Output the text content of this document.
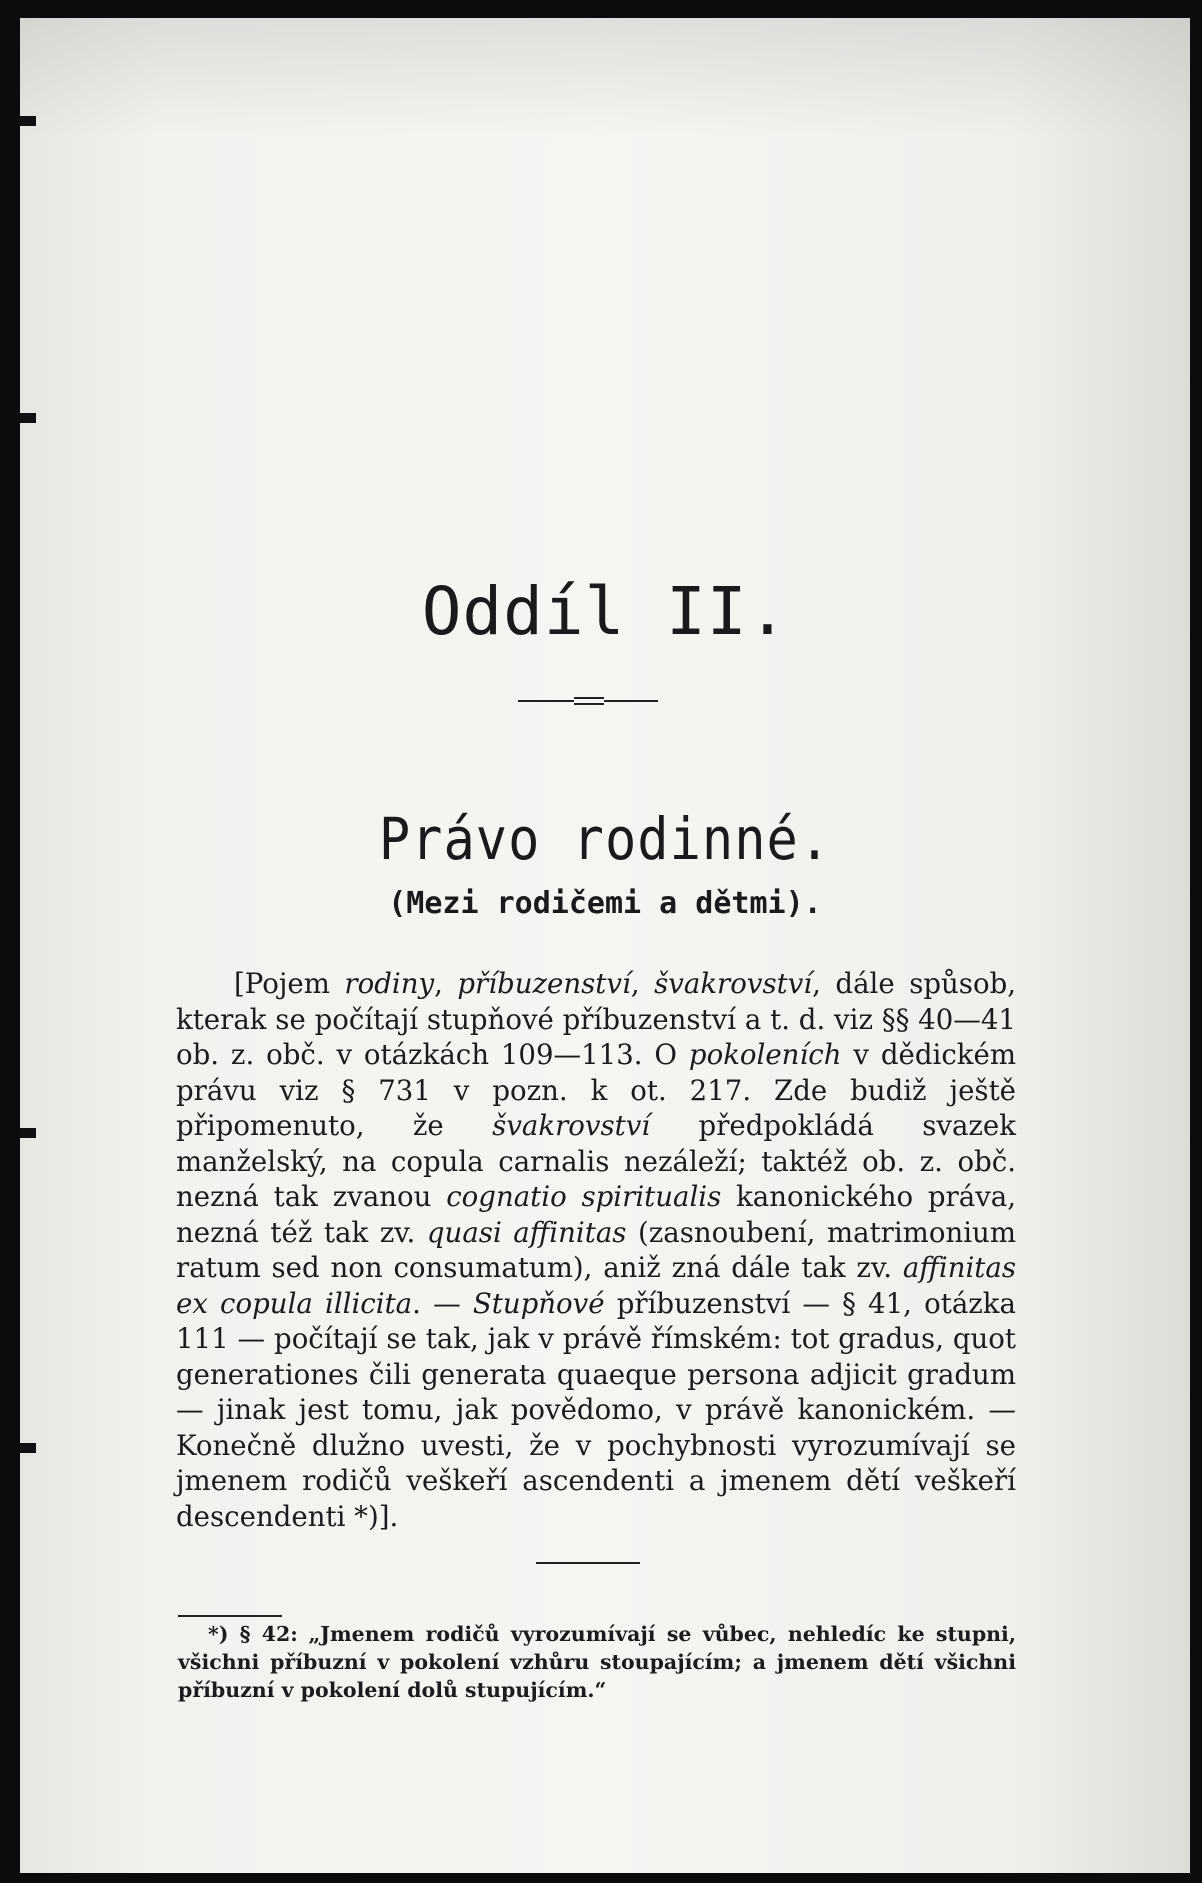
Oddíl II.
Právo rodinné.
(Mezi rodičemi a dětmi).

[Pojem rodiny, příbuzenství, švakrovství, dále spůsob, kterak se počítají stupňové příbuzenství a t. d. viz §§ 40—41 ob. z. obč. v otázkách 109—113. O pokoleních v dědickém právu viz § 731 v pozn. k ot. 217. Zde budiž ještě připomenuto, že švakrovství předpokládá svazek manželský, na copula carnalis nezáleží; taktéž ob. z. obč. nezná tak zvanou cognatio spiritualis kanonického práva, nezná též tak zv. quasi affinitas (zasnoubení, matrimonium ratum sed non consumatum), aniž zná dále tak zv. affinitas ex copula illicita. — Stupňové příbuzenství — § 41, otázka 111 — počítají se tak, jak v právě římském: tot gradus, quot generationes čili generata quaeque persona adjicit gradum — jinak jest tomu, jak povědomo, v právě kanonickém. — Konečně dlužno uvesti, že v pochybnosti vyrozumívají se jmenem rodičů veškeří ascendenti a jmenem dětí veškeří descendenti *)].

*) § 42: „Jmenem rodičů vyrozumívají se vůbec, nehledíc ke stupni, všichni příbuzní v pokolení vzhůru stoupajícím; a jmenem dětí všichni příbuzní v pokolení dolů stupujícím.“
